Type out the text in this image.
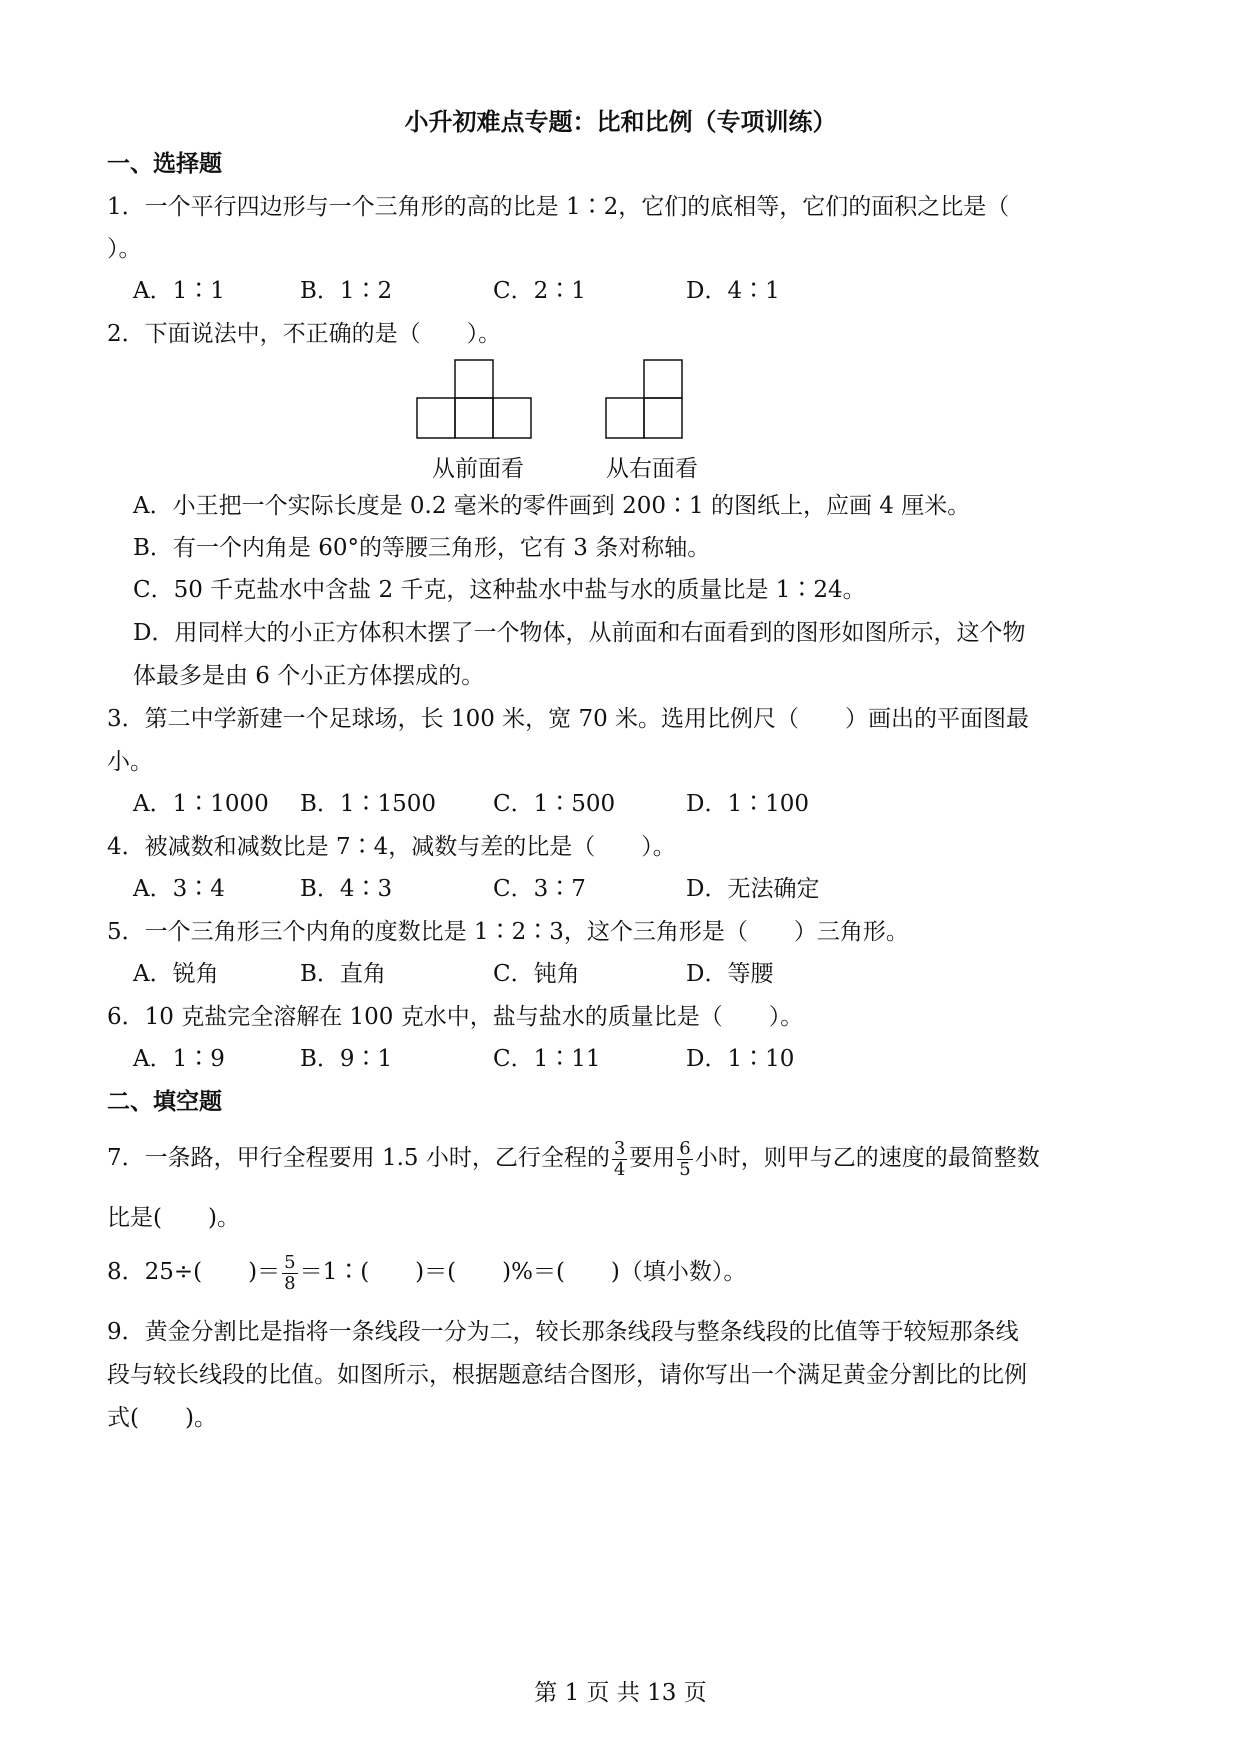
小升初难点专题：比和比例（专项训练）
一、选择题
1．一个平行四边形与一个三角形的高的比是 1∶2，它们的底相等，它们的面积之比是（
）。
A．1∶1	B．1∶2	C．2∶1	D．4∶1
2．下面说法中，不正确的是（　　）。
从前面看	从右面看
A．小王把一个实际长度是 0.2 毫米的零件画到 200∶1 的图纸上，应画 4 厘米。
B．有一个内角是 60°的等腰三角形，它有 3 条对称轴。
C．50 千克盐水中含盐 2 千克，这种盐水中盐与水的质量比是 1∶24。
D．用同样大的小正方体积木摆了一个物体，从前面和右面看到的图形如图所示，这个物
体最多是由 6 个小正方体摆成的。
3．第二中学新建一个足球场，长 100 米，宽 70 米。选用比例尺（　　）画出的平面图最
小。
A．1∶1000 B．1∶1500 C．1∶500	D．1∶100
4．被减数和减数比是 7∶4，减数与差的比是（　　）。
A．3∶4	B．4∶3	C．3∶7	D．无法确定
5．一个三角形三个内角的度数比是 1∶2∶3，这个三角形是（　　）三角形。
A．锐角	B．直角	C．钝角	D．等腰
6．10 克盐完全溶解在 100 克水中，盐与盐水的质量比是（　　）。
A．1∶9	B．9∶1	C．1∶11	D．1∶10
二、填空题
7．一条路，甲行全程要用 1.5 小时，乙行全程的 $\frac{3}{4}$ 要用 $\frac{6}{5}$ 小时，则甲与乙的速度的最简整数
比是(　　)。
8．25÷(　　)＝ $\frac{5}{8}$ ＝1∶(　　)＝(　　)%＝(　　)（填小数）。
9．黄金分割比是指将一条线段一分为二，较长那条线段与整条线段的比值等于较短那条线
段与较长线段的比值。如图所示，根据题意结合图形，请你写出一个满足黄金分割比的比例
式(　　)。
第 1 页 共 13 页
